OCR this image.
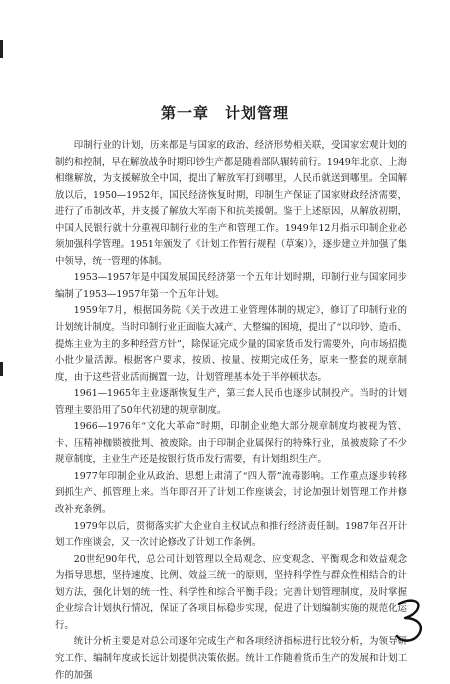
第一章　计划管理

印制行业的计划，历来都是与国家的政治、经济形势相关联，受国家宏观计划的制约和控制，早在解放战争时期印钞生产都是随着部队辗转前行。1949年北京、上海相继解放，为支援解放全中国，提出了解放军打到哪里，人民币就送到哪里。全国解放以后，1950—1952年，国民经济恢复时期，印制生产保证了国家财政经济需要，进行了币制改革，并支援了解放大军南下和抗美援朝。鉴于上述原因，从解放初期，中国人民银行就十分重视印制行业的生产和管理工作。1949年12月指示印制企业必须加强科学管理。1951年颁发了《计划工作暂行规程（草案）》，逐步建立并加强了集中领导，统一管理的体制。

1953—1957年是中国发展国民经济第一个五年计划时期，印制行业与国家同步编制了1953—1957年第一个五年计划。

1959年7月，根据国务院《关于改进工业管理体制的规定》，修订了印制行业的计划统计制度。当时印制行业正面临大减产、大整编的困境，提出了“以印钞、造币、提炼主业为主的多种经营方针”，除保证完成少量的国家货币发行需要外，向市场招揽小批少量活源。根据客户要求，按质、按量、按期完成任务，原来一整套的规章制度，由于这些营业活而搁置一边，计划管理基本处于半停顿状态。

1961—1965年主业逐渐恢复生产，第三套人民币也逐步试制投产。当时的计划管理主要沿用了50年代初建的规章制度。

1966—1976年“文化大革命”时期，印制企业绝大部分规章制度均被视为管、卡、压精神枷锁被批判、被废除。由于印制企业属保行的特殊行业，虽被废除了不少规章制度，主业生产还是按银行货币发行需要，有计划组织生产。

1977年印制企业从政治、思想上肃清了“四人帮”流毒影响。工作重点逐步转移到抓生产、抓管理上来。当年即召开了计划工作座谈会，讨论加强计划管理工作并修改补充条例。

1979年以后，贯彻落实扩大企业自主权试点和推行经济责任制。1987年召开计划工作座谈会，又一次讨论修改了计划工作条例。

20世纪90年代，总公司计划管理以全局观念、应变观念、平衡观念和效益观念为指导思想，坚持速度、比例、效益三统一的原则，坚持科学性与群众性相结合的计划方法，强化计划的统一性、科学性和综合平衡手段；完善计划管理制度，及时掌握企业综合计划执行情况，保证了各项目标稳步实现，促进了计划编制实施的规范化运行。

统计分析主要是对总公司逐年完成生产和各项经济指标进行比较分析，为领导研究工作、编制年度或长远计划提供决策依据。统计工作随着货币生产的发展和计划工作的加强
